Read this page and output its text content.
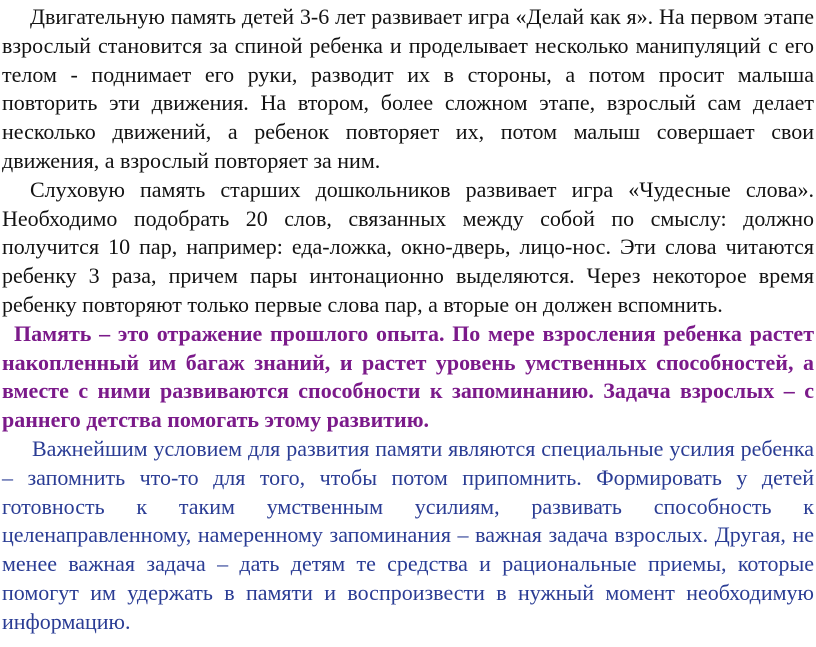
Двигательную память детей 3-6 лет развивает игра «Делай как я». На первом этапе взрослый становится за спиной ребенка и проделывает несколько манипуляций с его телом - поднимает его руки, разводит их в стороны, а потом просит малыша повторить эти движения. На втором, более сложном этапе, взрослый сам делает несколько движений, а ребенок повторяет их, потом малыш совершает свои движения, а взрослый повторяет за ним.

Слуховую память старших дошкольников развивает игра «Чудесные слова». Необходимо подобрать 20 слов, связанных между собой по смыслу: должно получится 10 пар, например: еда-ложка, окно-дверь, лицо-нос. Эти слова читаются ребенку 3 раза, причем пары интонационно выделяются. Через некоторое время ребенку повторяют только первые слова пар, а вторые он должен вспомнить.

Память – это отражение прошлого опыта. По мере взросления ребенка растет накопленный им багаж знаний, и растет уровень умственных способностей, а вместе с ними развиваются способности к запоминанию. Задача взрослых – с раннего детства помогать этому развитию.

Важнейшим условием для развития памяти являются специальные усилия ребенка – запомнить что-то для того, чтобы потом припомнить. Формировать у детей готовность к таким умственным усилиям, развивать способность к целенаправленному, намеренному запоминания – важная задача взрослых. Другая, не менее важная задача – дать детям те средства и рациональные приемы, которые помогут им удержать в памяти и воспроизвести в нужный момент необходимую информацию.
